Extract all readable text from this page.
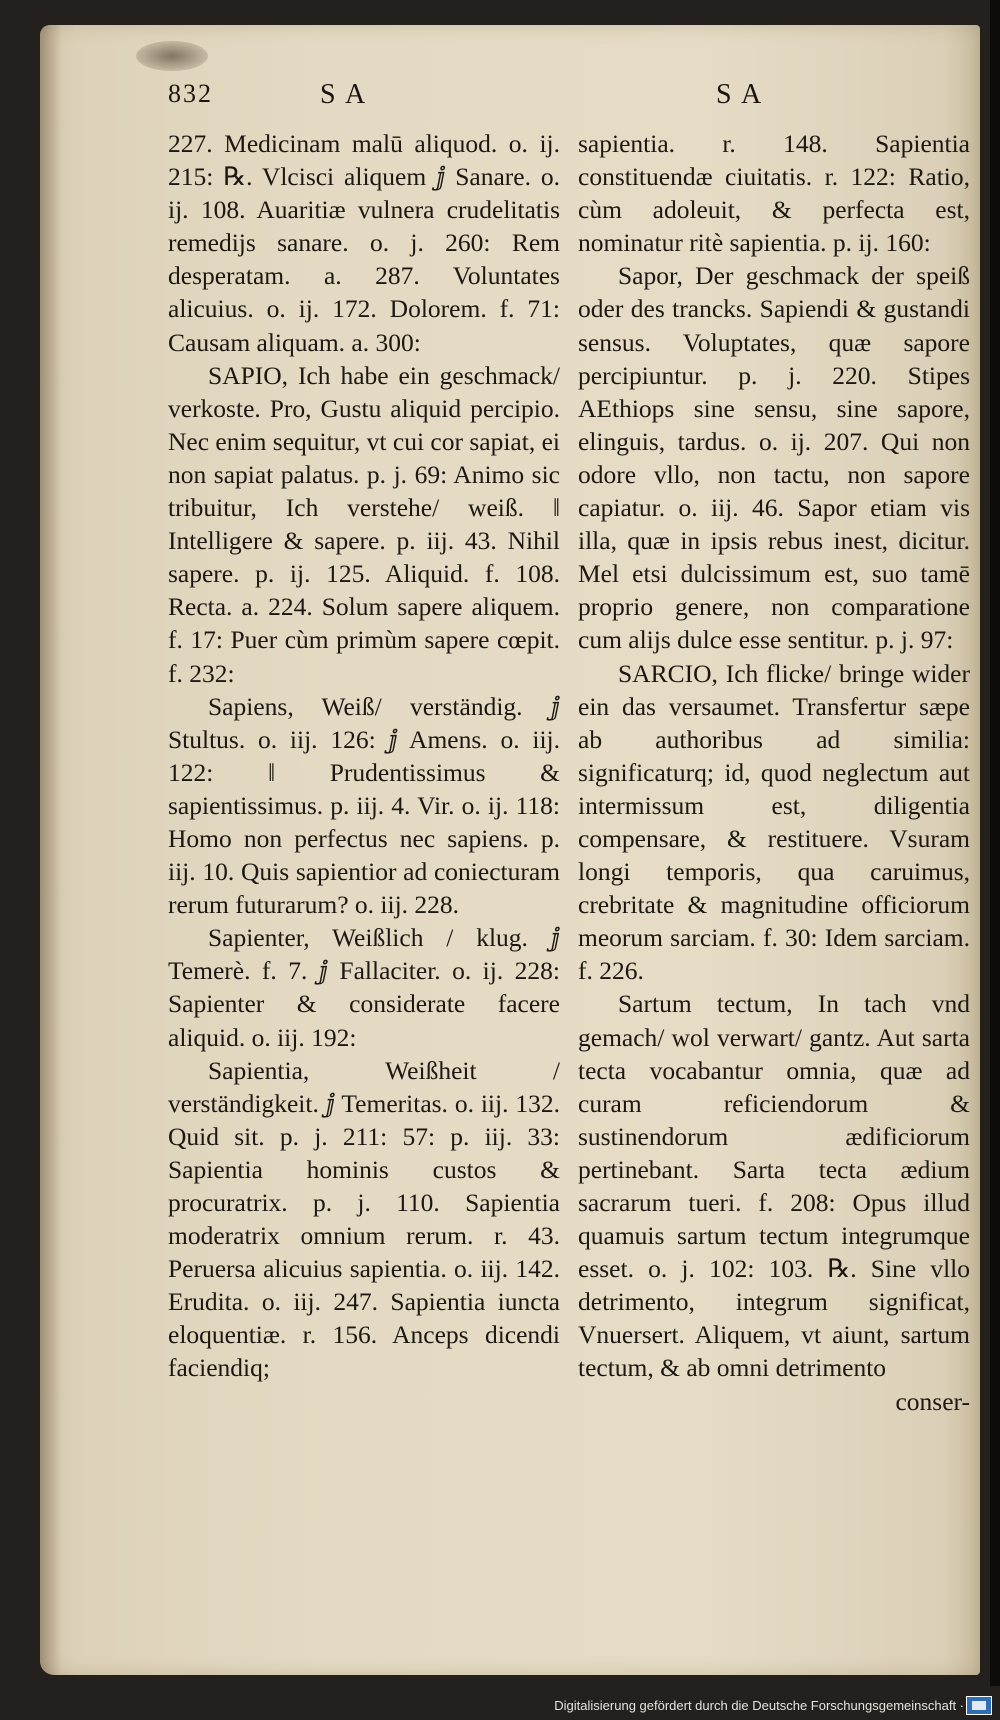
832	S A	S A

227. Medicinam malū aliquod. o. ij. 215: ℞. Vlcisci aliquem ⅉ Sanare. o. ij. 108. Auaritiæ vulnera crudelitatis remedijs sanare. o. j. 260: Rem desperatam. a. 287. Voluntates alicuius. o. ij. 172. Dolorem. f. 71: Causam aliquam. a. 300:

SAPIO, Ich habe ein geschmack/ verkoste. Pro, Gustu aliquid percipio. Nec enim sequitur, vt cui cor sapiat, ei non sapiat palatus. p. j. 69: Animo sic tribuitur, Ich verstehe/ weiß. ‖ Intelligere & sapere. p. iij. 43. Nihil sapere. p. ij. 125. Aliquid. f. 108. Recta. a. 224. Solum sapere aliquem. f. 17: Puer cùm primùm sapere cœpit. f. 232:

Sapiens, Weiß/ verständig. ⅉ Stultus. o. iij. 126: ⅉ Amens. o. iij. 122: ‖ Prudentissimus & sapientissimus. p. iij. 4. Vir. o. ij. 118: Homo non perfectus nec sapiens. p. iij. 10. Quis sapientior ad coniecturam rerum futurarum? o. iij. 228.

Sapienter, Weißlich / klug. ⅉ Temerè. f. 7. ⅉ Fallaciter. o. ij. 228: Sapienter & considerate facere aliquid. o. iij. 192:

Sapientia, Weißheit / verständigkeit. ⅉ Temeritas. o. iij. 132. Quid sit. p. j. 211: 57: p. iij. 33: Sapientia hominis custos & procuratrix. p. j. 110. Sapientia moderatrix omnium rerum. r. 43. Peruersa alicuius sapientia. o. iij. 142. Erudita. o. iij. 247. Sapientia iuncta eloquentiæ. r. 156. Anceps dicendi faciendiq;

sapientia. r. 148. Sapientia constituendæ ciuitatis. r. 122: Ratio, cùm adoleuit, & perfecta est, nominatur ritè sapientia. p. ij. 160:

Sapor, Der geschmack der speiß oder des trancks. Sapiendi & gustandi sensus. Voluptates, quæ sapore percipiuntur. p. j. 220. Stipes AEthiops sine sensu, sine sapore, elinguis, tardus. o. ij. 207. Qui non odore vllo, non tactu, non sapore capiatur. o. iij. 46. Sapor etiam vis illa, quæ in ipsis rebus inest, dicitur. Mel etsi dulcissimum est, suo tamē proprio genere, non comparatione cum alijs dulce esse sentitur. p. j. 97:

SARCIO, Ich flicke/ bringe wider ein das versaumet. Transfertur sæpe ab authoribus ad similia: significaturq; id, quod neglectum aut intermissum est, diligentia compensare, & restituere. Vsuram longi temporis, qua caruimus, crebritate & magnitudine officiorum meorum sarciam. f. 30: Idem sarciam. f. 226.

Sartum tectum, In tach vnd gemach/ wol verwart/ gantz. Aut sarta tecta vocabantur omnia, quæ ad curam reficiendorum & sustinendorum ædificiorum pertinebant. Sarta tecta ædium sacrarum tueri. f. 208: Opus illud quamuis sartum tectum integrumque esset. o. j. 102: 103. ℞. Sine vllo detrimento, integrum significat, Vnuersert. Aliquem, vt aiunt, sartum tectum, & ab omni detrimento

conser-

Digitalisierung gefördert durch die Deutsche Forschungsgemeinschaft ·
